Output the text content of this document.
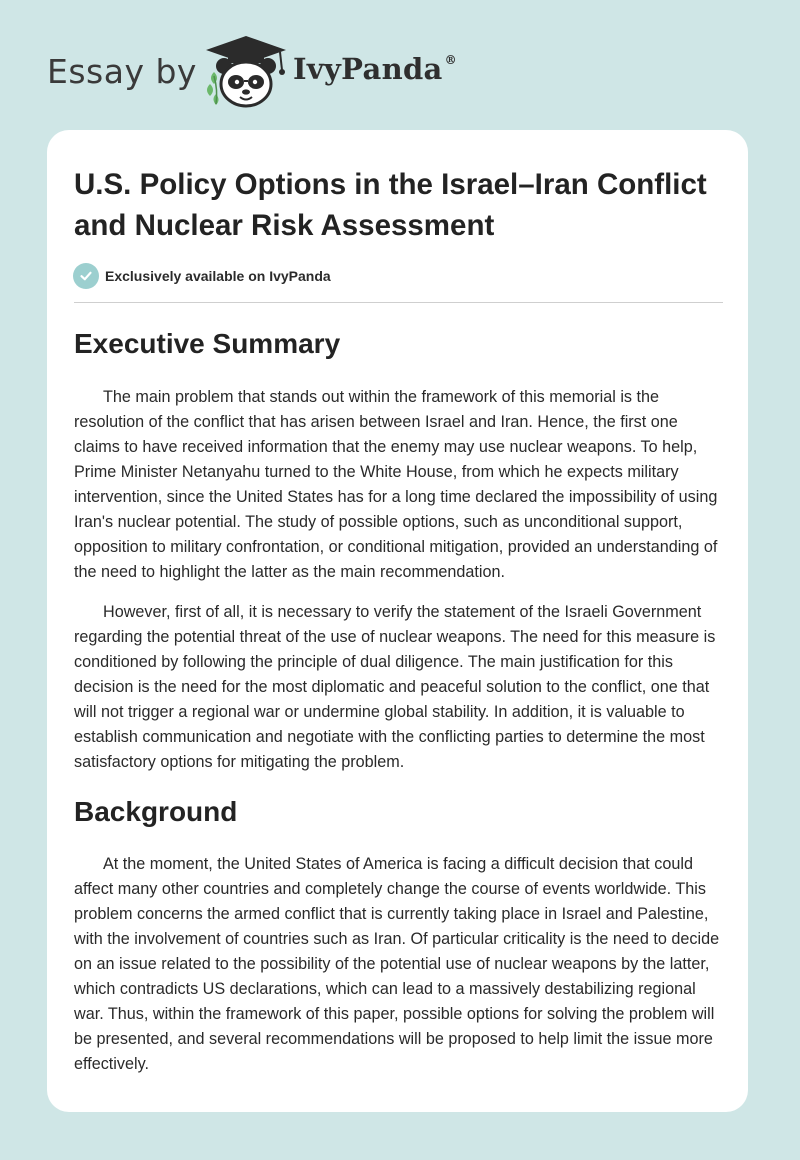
Essay by	IvyPanda ®
U.S. Policy Options in the Israel–Iran Conflict and Nuclear Risk Assessment
Exclusively available on IvyPanda
Executive Summary

The main problem that stands out within the framework of this memorial is the resolution of the conflict that has arisen between Israel and Iran. Hence, the first one claims to have received information that the enemy may use nuclear weapons. To help, Prime Minister Netanyahu turned to the White House, from which he expects military intervention, since the United States has for a long time declared the impossibility of using Iran's nuclear potential. The study of possible options, such as unconditional support, opposition to military confrontation, or conditional mitigation, provided an understanding of the need to highlight the latter as the main recommendation.

However, first of all, it is necessary to verify the statement of the Israeli Government regarding the potential threat of the use of nuclear weapons. The need for this measure is conditioned by following the principle of dual diligence. The main justification for this decision is the need for the most diplomatic and peaceful solution to the conflict, one that will not trigger a regional war or undermine global stability. In addition, it is valuable to establish communication and negotiate with the conflicting parties to determine the most satisfactory options for mitigating the problem.

Background

At the moment, the United States of America is facing a difficult decision that could affect many other countries and completely change the course of events worldwide. This problem concerns the armed conflict that is currently taking place in Israel and Palestine, with the involvement of countries such as Iran. Of particular criticality is the need to decide on an issue related to the possibility of the potential use of nuclear weapons by the latter, which contradicts US declarations, which can lead to a massively destabilizing regional war. Thus, within the framework of this paper, possible options for solving the problem will be presented, and several recommendations will be proposed to help limit the issue more effectively.
